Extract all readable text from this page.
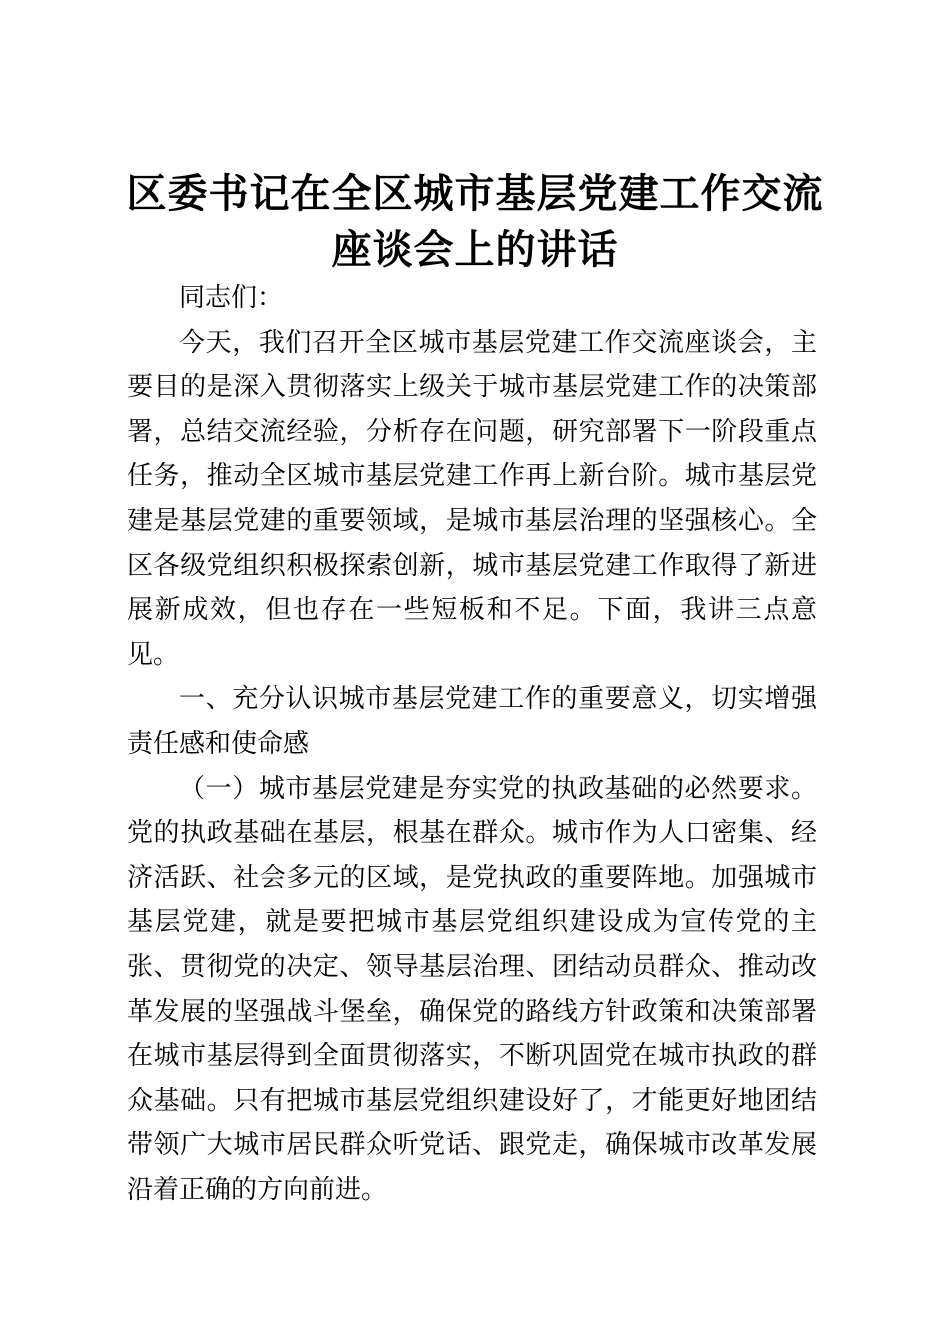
区委书记在全区城市基层党建工作交流
座谈会上的讲话

同志们：

今天，我们召开全区城市基层党建工作交流座谈会，主要目的是深入贯彻落实上级关于城市基层党建工作的决策部署，总结交流经验，分析存在问题，研究部署下一阶段重点任务，推动全区城市基层党建工作再上新台阶。城市基层党建是基层党建的重要领域，是城市基层治理的坚强核心。全区各级党组织积极探索创新，城市基层党建工作取得了新进展新成效，但也存在一些短板和不足。下面，我讲三点意见。

一、充分认识城市基层党建工作的重要意义，切实增强责任感和使命感

（一）城市基层党建是夯实党的执政基础的必然要求。党的执政基础在基层，根基在群众。城市作为人口密集、经济活跃、社会多元的区域，是党执政的重要阵地。加强城市基层党建，就是要把城市基层党组织建设成为宣传党的主张、贯彻党的决定、领导基层治理、团结动员群众、推动改革发展的坚强战斗堡垒，确保党的路线方针政策和决策部署在城市基层得到全面贯彻落实，不断巩固党在城市执政的群众基础。只有把城市基层党组织建设好了，才能更好地团结带领广大城市居民群众听党话、跟党走，确保城市改革发展沿着正确的方向前进。
